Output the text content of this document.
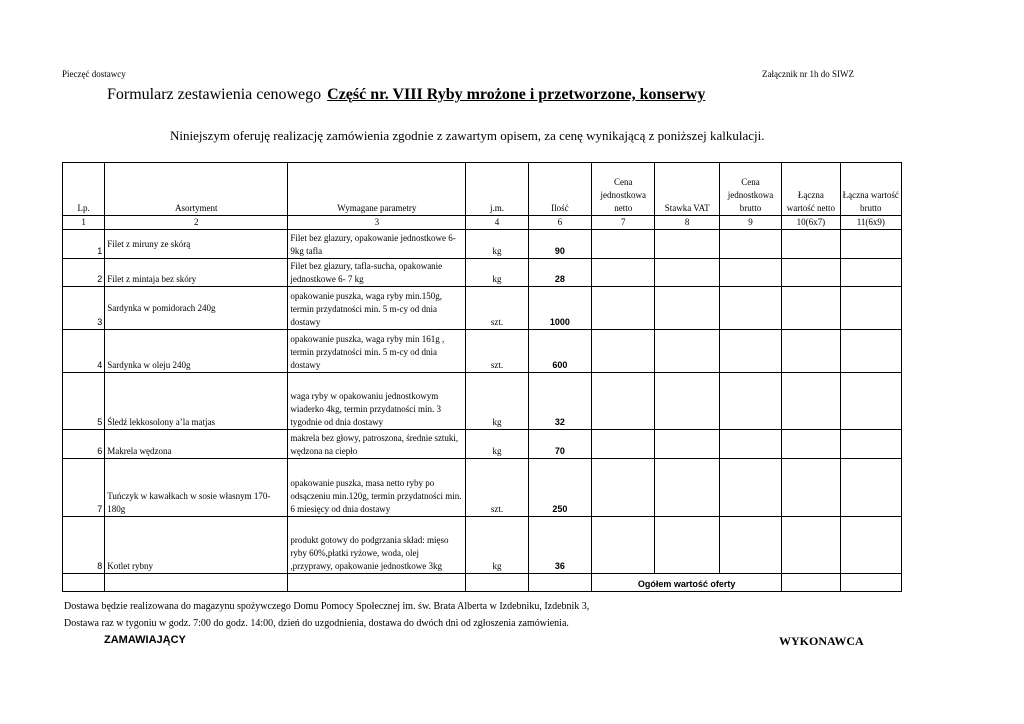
Pieczęć dostawcy	Załącznik nr 1h do SIWZ
Formularz zestawienia cenowego Część nr. VIII Ryby mrożone i przetworzone, konserwy
Niniejszym oferuję realizację zamówienia zgodnie z zawartym opisem, za cenę wynikającą z poniższej kalkulacji.
Lp.	Asortyment	Wymagane parametry	j.m.	Ilość	Cena jednostkowa netto	Stawka VAT	Cena jednostkowa brutto	Łączna wartość netto	Łączna wartość brutto
1	2	3	4	6	7	8	9	10(6x7)	11(6x9)
1	Filet z miruny ze skórą	Filet bez glazury, opakowanie jednostkowe 6-9kg tafla	kg	90					
2	Filet z mintaja bez skóry	Filet bez glazury, tafla-sucha, opakowanie jednostkowe 6- 7 kg	kg	28					
3	Sardynka w pomidorach 240g	opakowanie puszka, waga ryby min.150g, termin przydatności min. 5 m-cy od dnia dostawy	szt.	1000					
4	Sardynka w oleju 240g	opakowanie puszka, waga ryby min 161g , termin przydatności min. 5 m-cy od dnia dostawy	szt.	600					
5	Śledź lekkosolony a’la matjas	waga ryby w opakowaniu jednostkowym wiaderko 4kg, termin przydatności min. 3 tygodnie od dnia dostawy	kg	32					
6	Makrela wędzona	makrela bez głowy, patroszona, średnie sztuki, wędzona na ciepło	kg	70					
7	Tuńczyk w kawałkach w sosie własnym 170-180g	opakowanie puszka, masa netto ryby po odsączeniu min.120g, termin przydatności min. 6 miesięcy od dnia dostawy	szt.	250					
8	Kotlet rybny	produkt gotowy do podgrzania skład: mięso ryby 60%,płatki ryżowe, woda, olej ,przyprawy, opakowanie jednostkowe 3kg	kg	36					
					Ogółem wartość oferty				
Dostawa będzie realizowana do magazynu spożywczego Domu Pomocy Społecznej im. św. Brata Alberta w Izdebniku, Izdebnik 3,
Dostawa raz w tygoniu w godz. 7:00 do godz. 14:00, dzień do uzgodnienia, dostawa do dwóch dni od zgłoszenia zamówienia.
ZAMAWIAJĄCY	WYKONAWCA
